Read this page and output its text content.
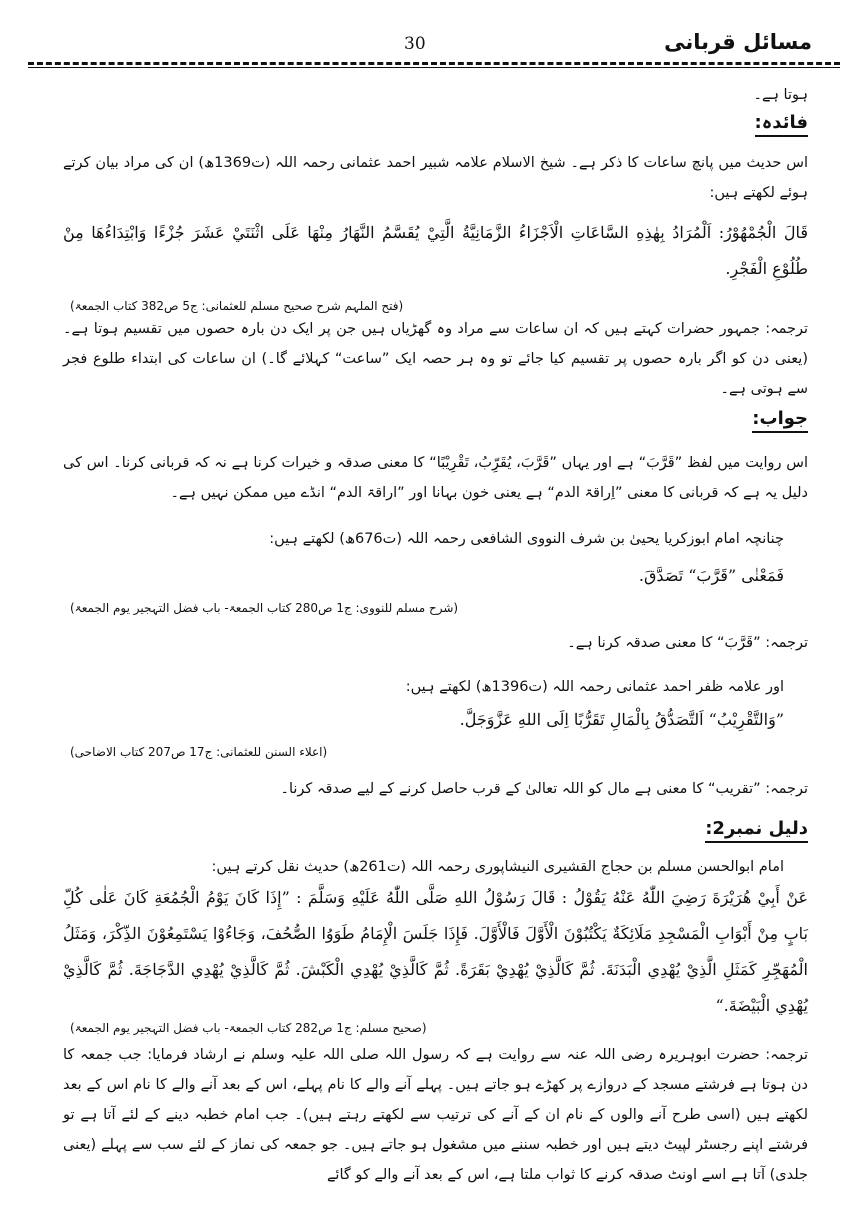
مسائل قربانی
30

ہوتا ہے۔

فائدہ:

اس حدیث میں پانچ ساعات کا ذکر ہے۔ شیخ الاسلام علامہ شبیر احمد عثمانی رحمہ اللہ (ت1369ھ) ان کی مراد بیان کرتے ہوئے لکھتے ہیں:

قَالَ الْجُمْهُوْرُ: اَلْمُرَادُ بِهٰذِهِ السَّاعَاتِ الْاَجْزَاءُ الزَّمَانِيَّةُ الَّتِيْ يُقَسَّمُ النَّهَارُ مِنْهَا عَلَى اثْنَتَيْ عَشَرَ جُزْءًا وَابْتِدَاءُهَا مِنْ طُلُوْعِ الْفَجْرِ.

(فتح الملہم شرح صحیح مسلم للعثمانی: ج5 ص382 کتاب الجمعۃ)

ترجمہ: جمہور حضرات کہتے ہیں کہ ان ساعات سے مراد وہ گھڑیاں ہیں جن پر ایک دن بارہ حصوں میں تقسیم ہوتا ہے۔ (یعنی دن کو اگر بارہ حصوں پر تقسیم کیا جائے تو وہ ہر حصہ ایک ”ساعت“ کہلائے گا۔) ان ساعات کی ابتداء طلوع فجر سے ہوتی ہے۔

جواب:

اس روایت میں لفظ ”قَرَّبَ“ ہے اور یہاں ”قَرَّبَ، يُقَرِّبُ، تَقْرِيْبًا“ کا معنی صدقہ و خیرات کرنا ہے نہ کہ قربانی کرنا۔ اس کی دلیل یہ ہے کہ قربانی کا معنی ”اِراقۃ الدم“ ہے یعنی خون بہانا اور ”اراقۃ الدم“ انڈے میں ممکن نہیں ہے۔

چنانچہ امام ابوزکریا یحییٰ بن شرف النووی الشافعی رحمہ اللہ (ت676ھ) لکھتے ہیں:

فَمَعْنٰى ”قَرَّبَ“ تَصَدَّقَ.

(شرح مسلم للنووی: ج1 ص280 کتاب الجمعۃ- باب فضل التہجیر یوم الجمعۃ)

ترجمہ: ”قَرَّبَ“ کا معنی صدقہ کرنا ہے۔

اور علامہ ظفر احمد عثمانی رحمہ اللہ (ت1396ھ) لکھتے ہیں:

”وَالتَّقْرِيْبُ“ اَلتَّصَدُّقُ بِالْمَالِ تَقَرُّبًا اِلَى اللهِ عَزَّوَجَلَّ.

(اعلاء السنن للعثمانی: ج17 ص207 کتاب الاضاحی)

ترجمہ: ”تقریب“ کا معنی ہے مال کو اللہ تعالیٰ کے قرب حاصل کرنے کے لیے صدقہ کرنا۔

دلیل نمبر2:

امام ابوالحسن مسلم بن حجاج القشیری النیشاپوری رحمہ اللہ (ت261ھ) حدیث نقل کرتے ہیں:

عَنْ أَبِيْ هُرَيْرَةَ رَضِيَ اللّٰهُ عَنْهُ يَقُوْلُ : قَالَ رَسُوْلُ اللهِ صَلَّى اللّٰهُ عَلَيْهِ وَسَلَّمَ : ”إِذَا كَانَ يَوْمُ الْجُمُعَةِ كَانَ عَلٰى كُلِّ بَابٍ مِنْ أَبْوَابِ الْمَسْجِدِ مَلَائِكَةٌ يَكْتُبُوْنَ الْأَوَّلَ فَالْأَوَّلَ. فَإِذَا جَلَسَ الْإِمَامُ طَوَوُا الصُّحُفَ، وَجَاءُوْا يَسْتَمِعُوْنَ الذِّكْرَ، وَمَثَلُ الْمُهَجِّرِ كَمَثَلِ الَّذِيْ يُهْدِي الْبَدَنَةَ. ثُمَّ كَالَّذِيْ يُهْدِيْ بَقَرَةً. ثُمَّ كَالَّذِيْ يُهْدِي الْكَبْشَ. ثُمَّ كَالَّذِيْ يُهْدِي الدَّجَاجَةَ. ثُمَّ كَالَّذِيْ يُهْدِي الْبَيْضَةَ.“

(صحیح مسلم: ج1 ص282 کتاب الجمعۃ- باب فضل التہجیر یوم الجمعۃ)

ترجمہ: حضرت ابوہریرہ رضی اللہ عنہ سے روایت ہے کہ رسول اللہ صلی اللہ علیہ وسلم نے ارشاد فرمایا: جب جمعہ کا دن ہوتا ہے فرشتے مسجد کے دروازے پر کھڑے ہو جاتے ہیں۔ پہلے آنے والے کا نام پہلے، اس کے بعد آنے والے کا نام اس کے بعد لکھتے ہیں (اسی طرح آنے والوں کے نام ان کے آنے کی ترتیب سے لکھتے رہتے ہیں)۔ جب امام خطبہ دینے کے لئے آتا ہے تو فرشتے اپنے رجسٹر لپیٹ دیتے ہیں اور خطبہ سننے میں مشغول ہو جاتے ہیں۔ جو جمعہ کی نماز کے لئے سب سے پہلے (یعنی جلدی) آتا ہے اسے اونٹ صدقہ کرنے کا ثواب ملتا ہے، اس کے بعد آنے والے کو گائے
